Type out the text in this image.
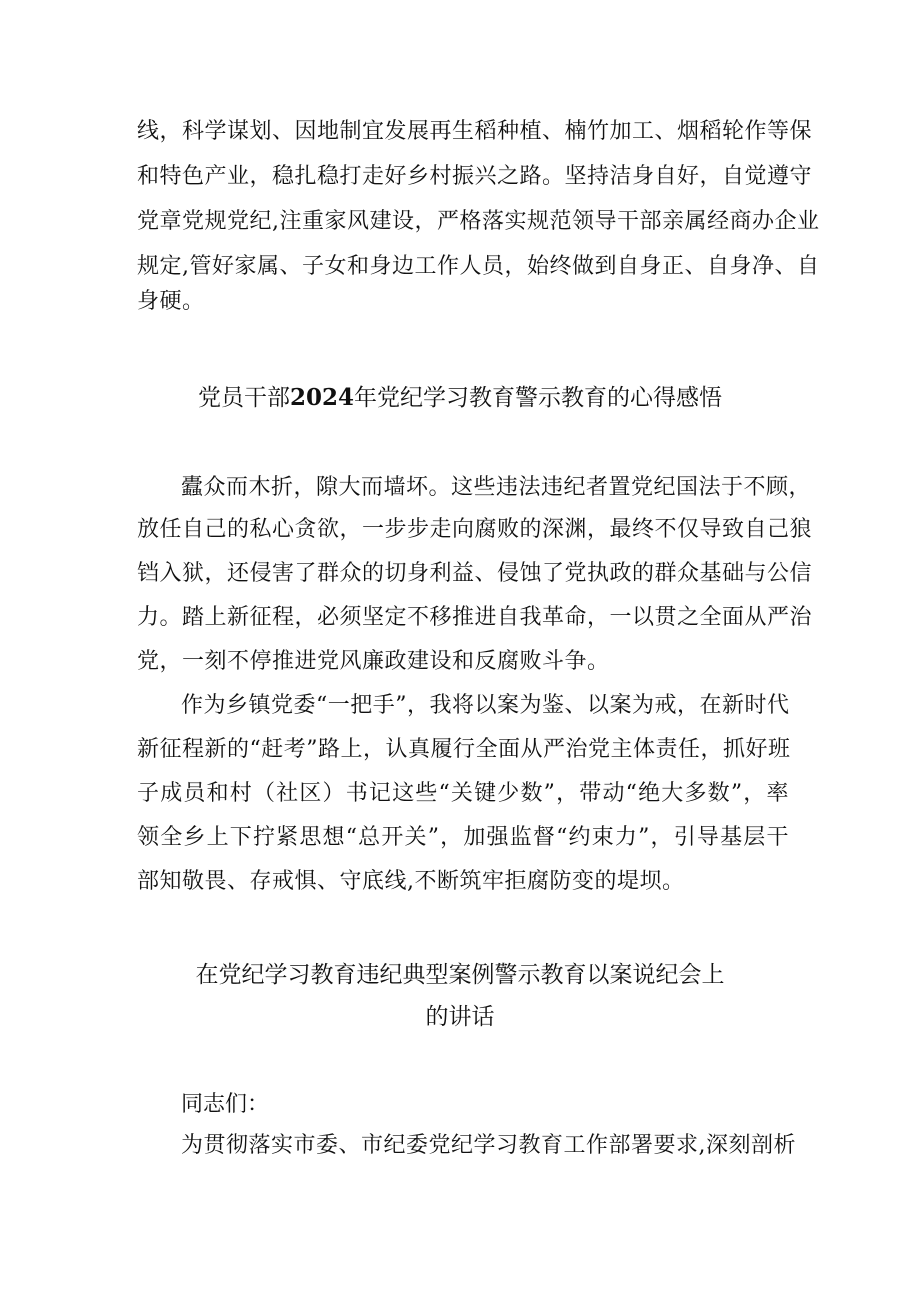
线，科学谋划、因地制宜发展再生稻种植、楠竹加工、烟稻轮作等保
和特色产业，稳扎稳打走好乡村振兴之路。坚持洁身自好，自觉遵守
党章党规党纪,注重家风建设，严格落实规范领导干部亲属经商办企业
规定,管好家属、子女和身边工作人员，始终做到自身正、自身净、自
身硬。
党员干部2024年党纪学习教育警示教育的心得感悟
蠹众而木折，隙大而墙坏。这些违法违纪者置党纪国法于不顾，
放任自己的私心贪欲，一步步走向腐败的深渊，最终不仅导致自己狼
铛入狱，还侵害了群众的切身利益、侵蚀了党执政的群众基础与公信
力。踏上新征程，必须坚定不移推进自我革命，一以贯之全面从严治
党，一刻不停推进党风廉政建设和反腐败斗争。
作为乡镇党委“一把手”，我将以案为鉴、以案为戒，在新时代
新征程新的“赶考”路上，认真履行全面从严治党主体责任，抓好班
子成员和村（社区）书记这些“关键少数”，带动“绝大多数”，率
领全乡上下拧紧思想“总开关”，加强监督“约束力”，引导基层干
部知敬畏、存戒惧、守底线,不断筑牢拒腐防变的堤坝。
在党纪学习教育违纪典型案例警示教育以案说纪会上
的讲话
同志们：
为贯彻落实市委、市纪委党纪学习教育工作部署要求,深刻剖析
